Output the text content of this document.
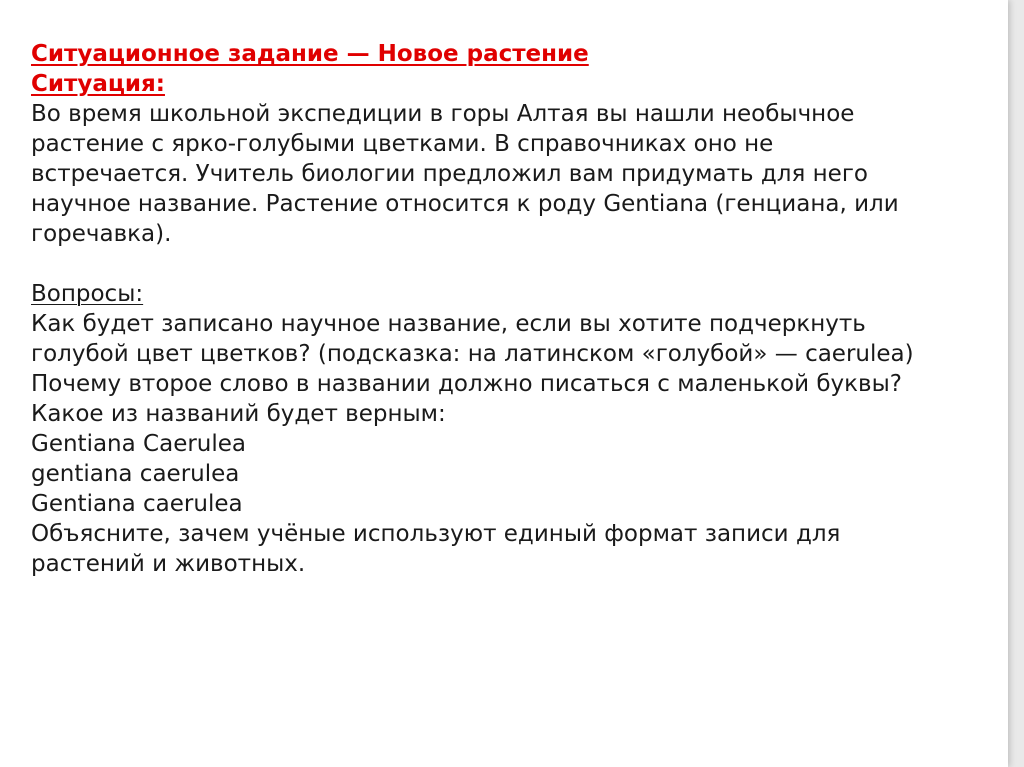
Ситуационное задание — Новое растение
Ситуация:
Во время школьной экспедиции в горы Алтая вы нашли необычное
растение с ярко-голубыми цветками. В справочниках оно не
встречается. Учитель биологии предложил вам придумать для него
научное название. Растение относится к роду Gentiana (генциана, или
горечавка).
Вопросы:
Как будет записано научное название, если вы хотите подчеркнуть
голубой цвет цветков? (подсказка: на латинском «голубой» — caerulea)
Почему второе слово в названии должно писаться с маленькой буквы?
Какое из названий будет верным:
Gentiana Caerulea
gentiana caerulea
Gentiana caerulea
Объясните, зачем учёные используют единый формат записи для
растений и животных.
